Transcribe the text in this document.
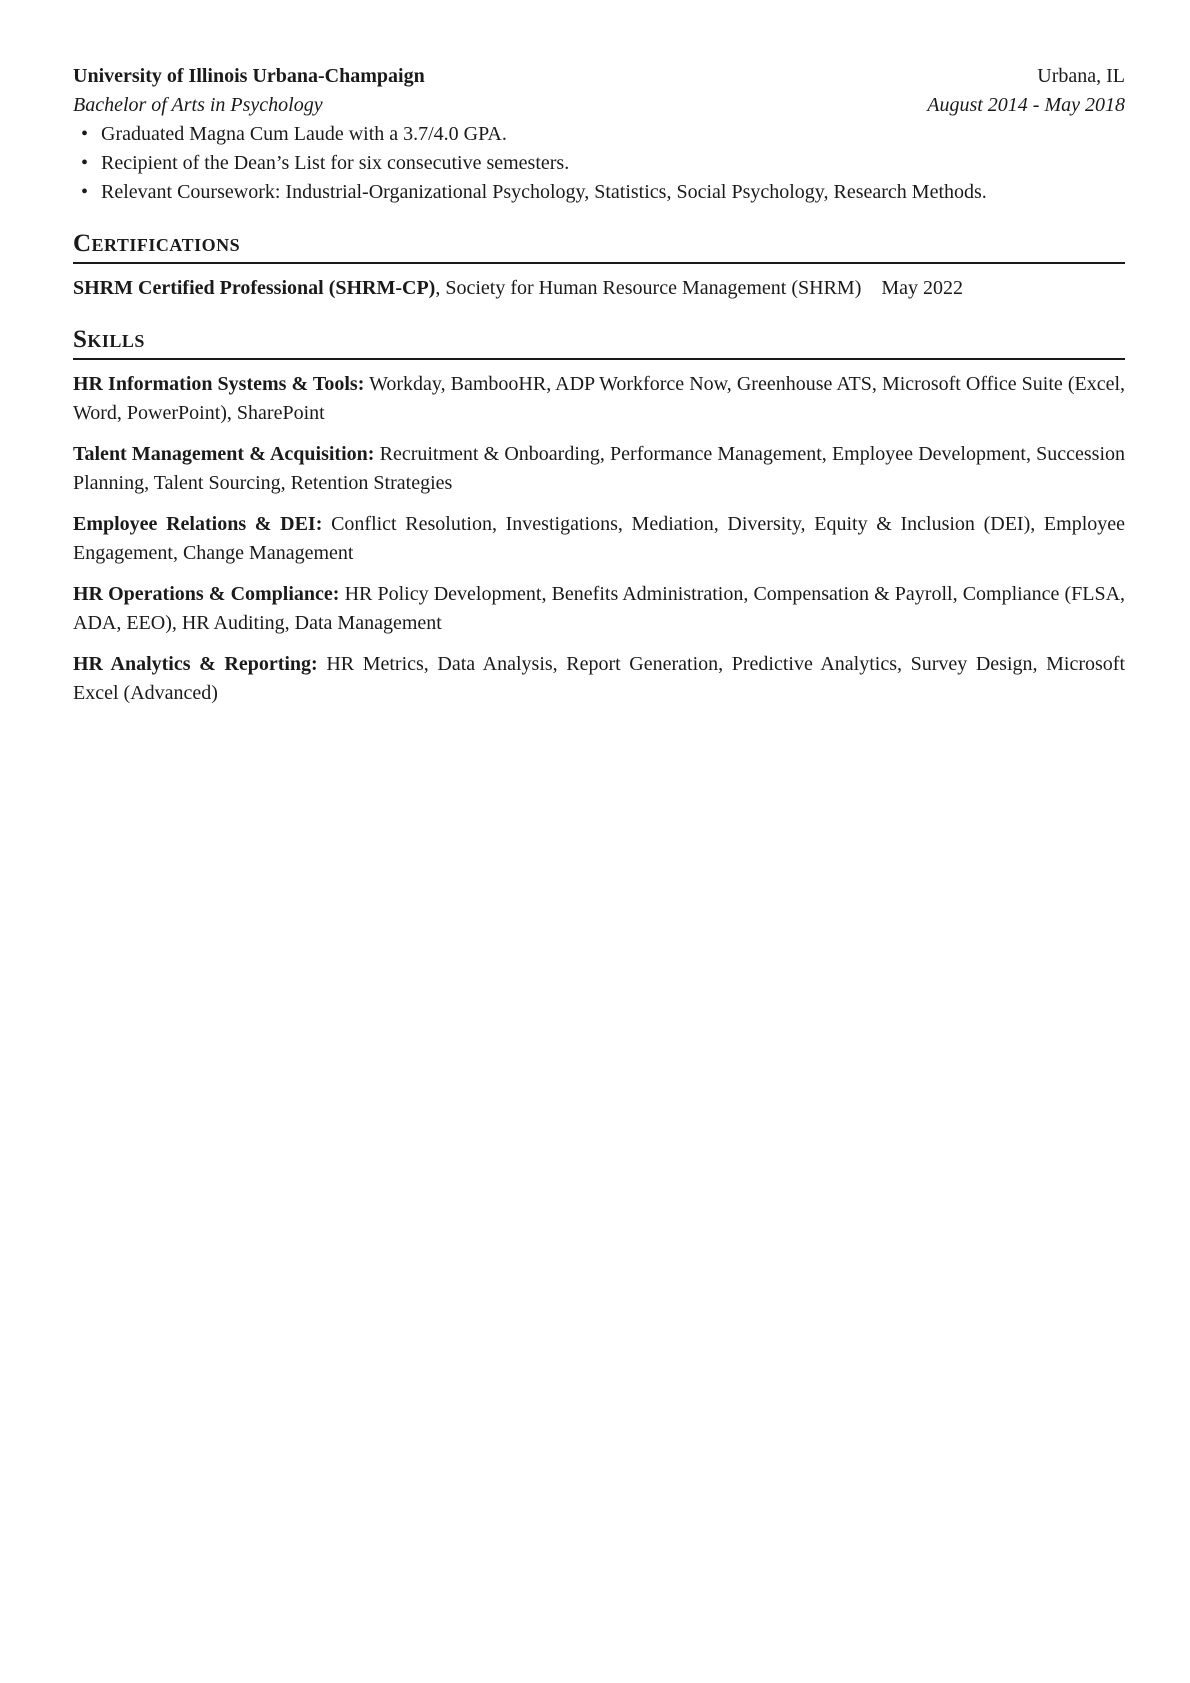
University of Illinois Urbana-Champaign	Urbana, IL
Bachelor of Arts in Psychology	August 2014 - May 2018
• Graduated Magna Cum Laude with a 3.7/4.0 GPA.
• Recipient of the Dean’s List for six consecutive semesters.
• Relevant Coursework: Industrial-Organizational Psychology, Statistics, Social Psychology, Research Methods.
Certifications
SHRM Certified Professional (SHRM-CP), Society for Human Resource Management (SHRM) May 2022
Skills
HR Information Systems & Tools: Workday, BambooHR, ADP Workforce Now, Greenhouse ATS, Microsoft Office Suite (Excel, Word, PowerPoint), SharePoint
Talent Management & Acquisition: Recruitment & Onboarding, Performance Management, Employee Development, Succession Planning, Talent Sourcing, Retention Strategies
Employee Relations & DEI: Conflict Resolution, Investigations, Mediation, Diversity, Equity & Inclusion (DEI), Employee Engagement, Change Management
HR Operations & Compliance: HR Policy Development, Benefits Administration, Compensation & Payroll, Compliance (FLSA, ADA, EEO), HR Auditing, Data Management
HR Analytics & Reporting: HR Metrics, Data Analysis, Report Generation, Predictive Analytics, Survey Design, Microsoft Excel (Advanced)
